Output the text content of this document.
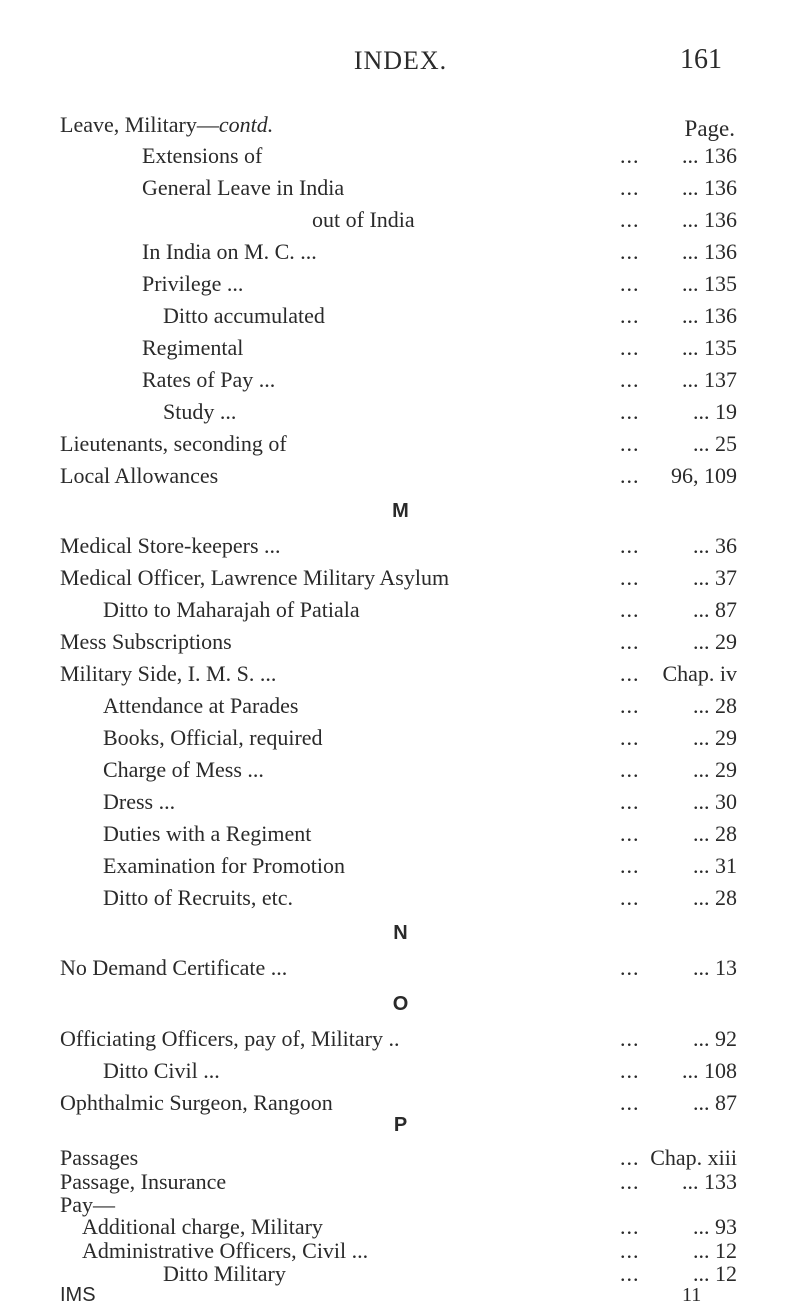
INDEX.	161
Leave, Military—contd.	Page.
Extensions of	... ... 136
General Leave in India	... ... 136
out of India	... ... 136
In India on M. C. ...	... ... 136
Privilege ...	... ... 135
Ditto accumulated	... ... 136
Regimental	... ... 135
Rates of Pay ...	... ... 137
Study ...	... ... 19
Lieutenants, seconding of	... ... 25
Local Allowances	... 96, 109
M
Medical Store-keepers ...	... ... 36
Medical Officer, Lawrence Military Asylum	... ... 37
Ditto to Maharajah of Patiala	... ... 87
Mess Subscriptions	... ... 29
Military Side, I. M. S. ...	... Chap. iv
Attendance at Parades	... ... 28
Books, Official, required	... ... 29
Charge of Mess ...	... ... 29
Dress ...	... ... 30
Duties with a Regiment	... ... 28
Examination for Promotion	... ... 31
Ditto of Recruits, etc.	... ... 28
N
No Demand Certificate ...	... ... 13
O
Officiating Officers, pay of, Military ..	... ... 92
Ditto Civil ...	... ... 108
Ophthalmic Surgeon, Rangoon	... ... 87
P
Passages	... Chap. xiii
Passage, Insurance	... ... 133
Pay—
Additional charge, Military	... ... 93
Administrative Officers, Civil ...	... ... 12
Ditto Military	... ... 12
IMS	11
